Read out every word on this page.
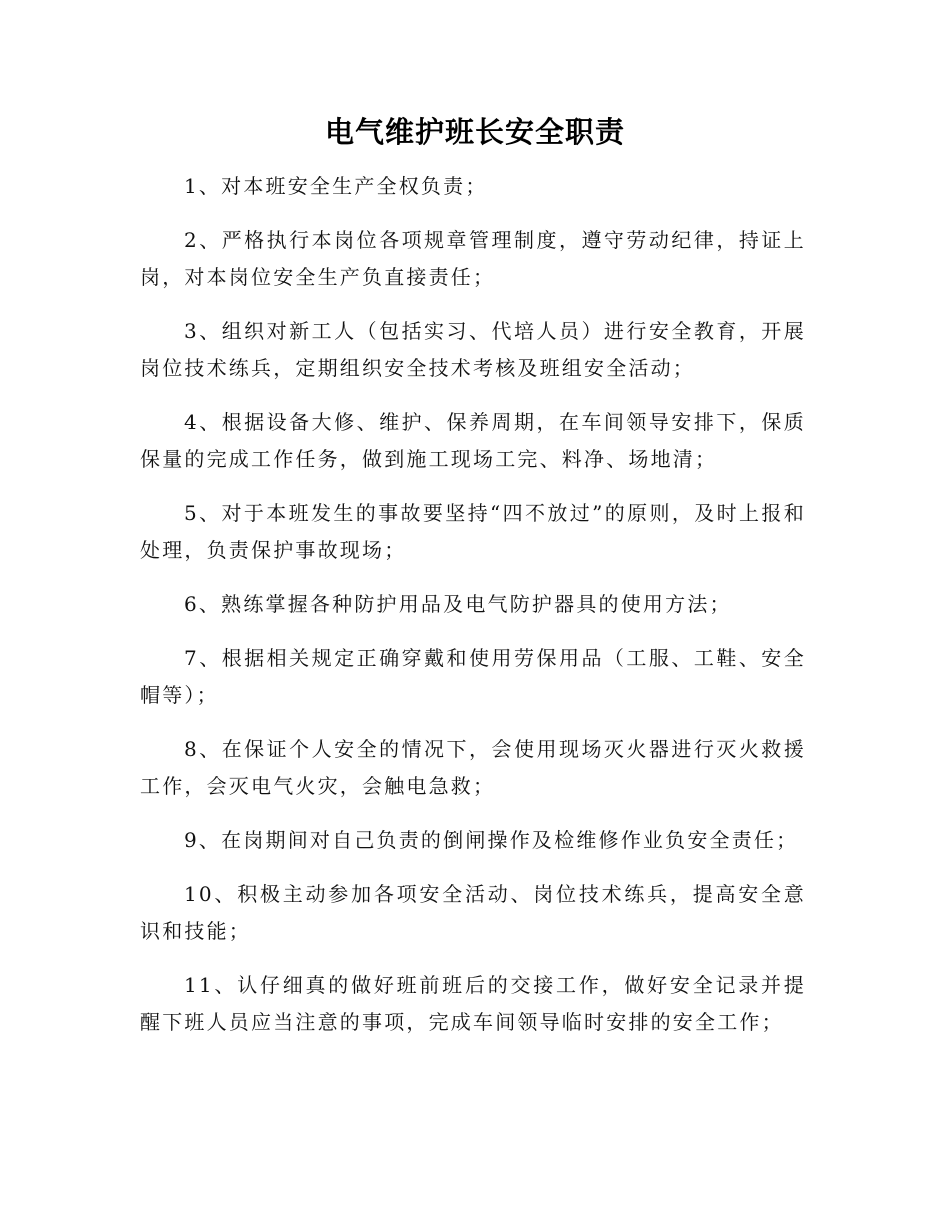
电气维护班长安全职责

1、对本班安全生产全权负责；

2、严格执行本岗位各项规章管理制度，遵守劳动纪律，持证上岗，对本岗位安全生产负直接责任；

3、组织对新工人（包括实习、代培人员）进行安全教育，开展岗位技术练兵，定期组织安全技术考核及班组安全活动；

4、根据设备大修、维护、保养周期，在车间领导安排下，保质保量的完成工作任务，做到施工现场工完、料净、场地清；

5、对于本班发生的事故要坚持“四不放过”的原则，及时上报和处理，负责保护事故现场；

6、熟练掌握各种防护用品及电气防护器具的使用方法；

7、根据相关规定正确穿戴和使用劳保用品（工服、工鞋、安全帽等）；

8、在保证个人安全的情况下，会使用现场灭火器进行灭火救援工作，会灭电气火灾，会触电急救；

9、在岗期间对自己负责的倒闸操作及检维修作业负安全责任；

10、积极主动参加各项安全活动、岗位技术练兵，提高安全意识和技能；

11、认仔细真的做好班前班后的交接工作，做好安全记录并提醒下班人员应当注意的事项，完成车间领导临时安排的安全工作；
